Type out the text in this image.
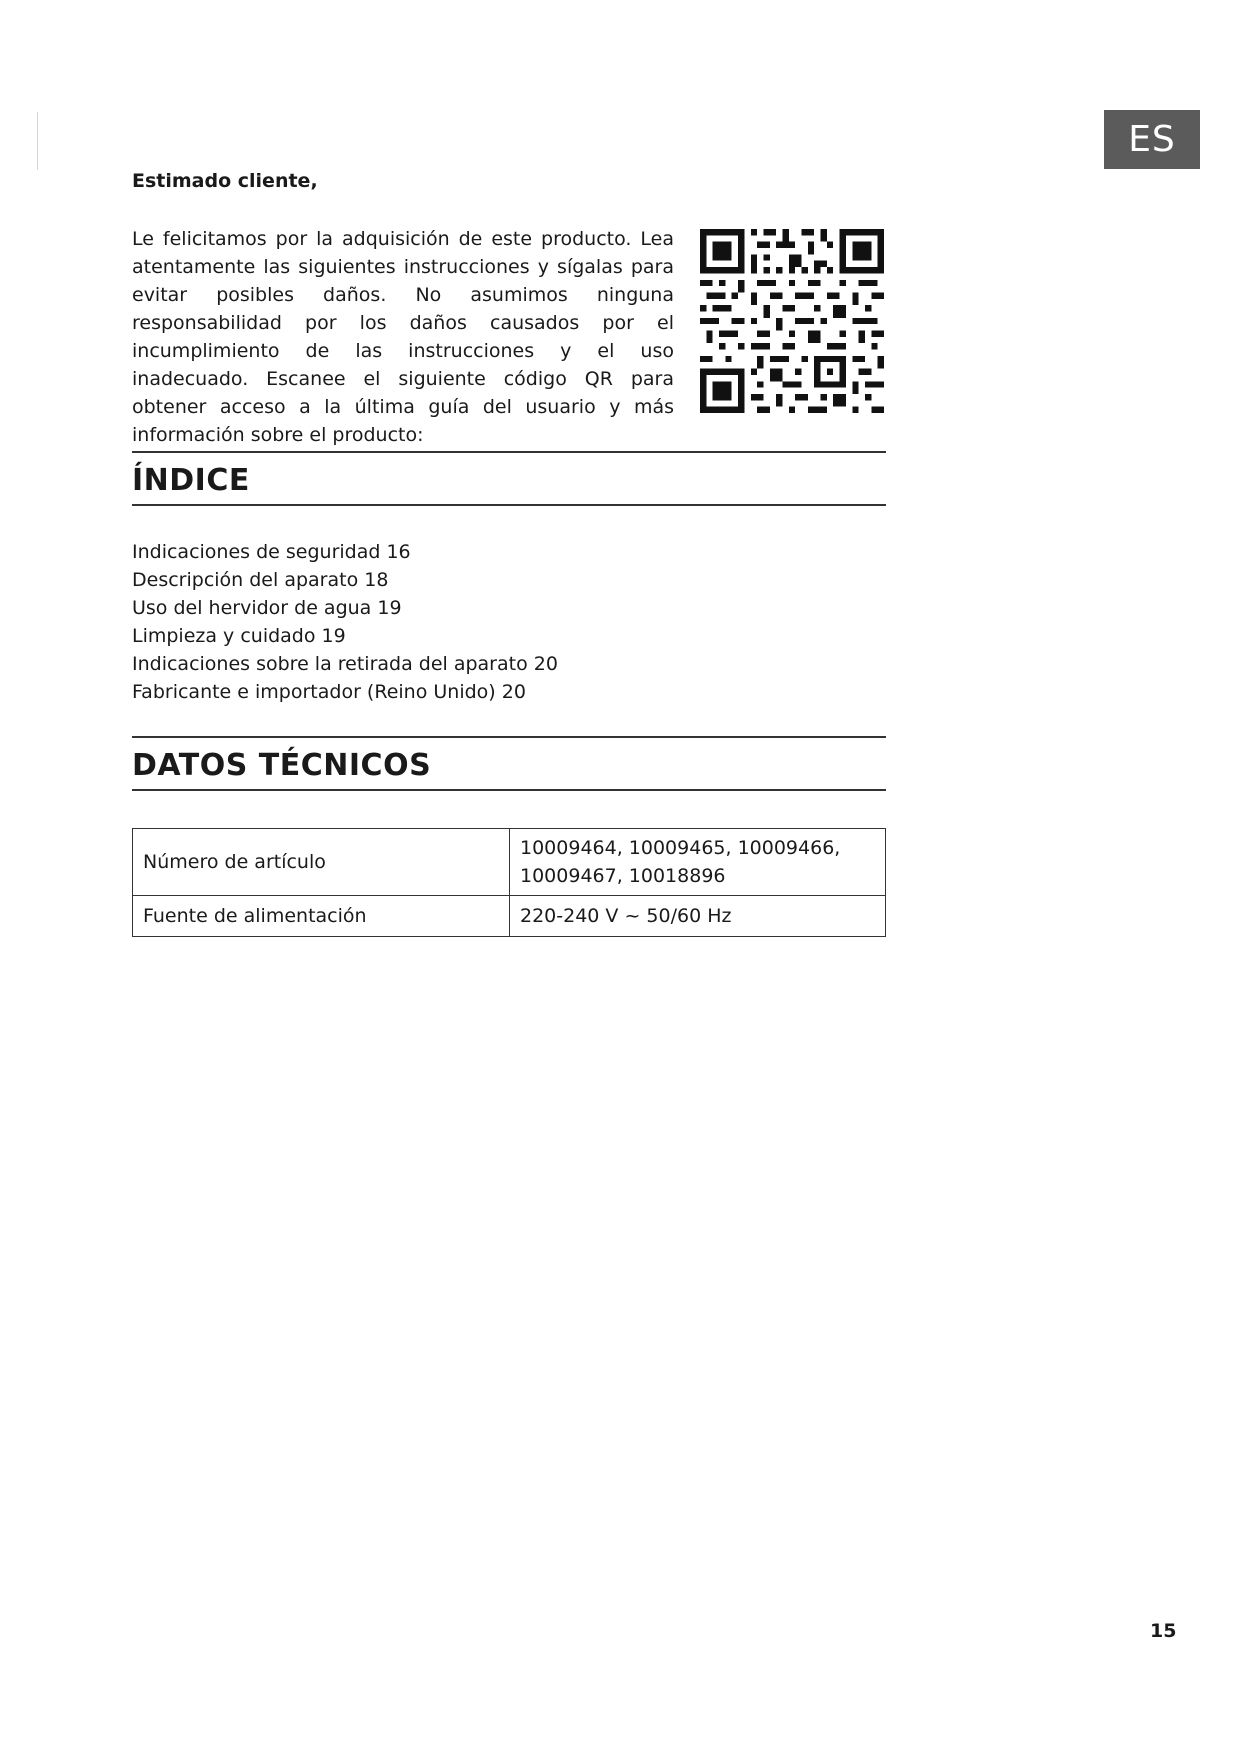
ES

Estimado cliente,

Le felicitamos por la adquisición de este producto. Lea atentamente las siguientes instrucciones y sígalas para evitar posibles daños. No asumimos ninguna responsabilidad por los daños causados por el incumplimiento de las instrucciones y el uso inadecuado. Escanee el siguiente código QR para obtener acceso a la última guía del usuario y más información sobre el producto:

ÍNDICE
Indicaciones de seguridad 16
Descripción del aparato 18
Uso del hervidor de agua 19
Limpieza y cuidado 19
Indicaciones sobre la retirada del aparato 20
Fabricante e importador (Reino Unido) 20
DATOS TÉCNICOS
Número de artículo	10009464, 10009465, 10009466, 10009467, 10018896
Fuente de alimentación	220-240 V ~ 50/60 Hz
15
